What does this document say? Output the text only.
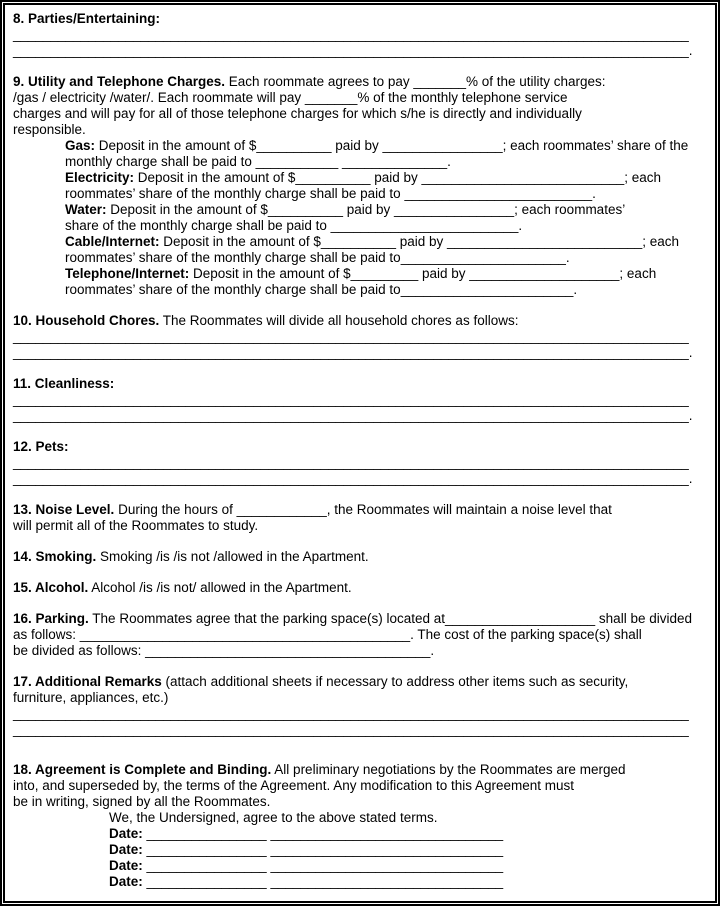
8. Parties/Entertaining:
__________________________________________________________________________________________
__________________________________________________________________________________________.
9. Utility and Telephone Charges. Each roommate agrees to pay _______% of the utility charges:
/gas / electricity /water/. Each roommate will pay _______% of the monthly telephone service
charges and will pay for all of those telephone charges for which s/he is directly and individually
responsible.
Gas: Deposit in the amount of $__________ paid by ________________; each roommates’ share of the
monthly charge shall be paid to ___________ ______________.
Electricity: Deposit in the amount of $__________ paid by ___________________________; each
roommates’ share of the monthly charge shall be paid to _________________________.
Water: Deposit in the amount of $__________ paid by ________________; each roommates’
share of the monthly charge shall be paid to _________________________.
Cable/Internet: Deposit in the amount of $__________ paid by __________________________; each
roommates’ share of the monthly charge shall be paid to______________________.
Telephone/Internet: Deposit in the amount of $_________ paid by ____________________; each
roommates’ share of the monthly charge shall be paid to_______________________.
10. Household Chores. The Roommates will divide all household chores as follows:
__________________________________________________________________________________________
__________________________________________________________________________________________.
11. Cleanliness:
__________________________________________________________________________________________
__________________________________________________________________________________________.
12. Pets:
__________________________________________________________________________________________
__________________________________________________________________________________________.
13. Noise Level. During the hours of ____________, the Roommates will maintain a noise level that
will permit all of the Roommates to study.
14. Smoking. Smoking /is /is not /allowed in the Apartment.
15. Alcohol. Alcohol /is /is not/ allowed in the Apartment.
16. Parking. The Roommates agree that the parking space(s) located at____________________ shall be divided
as follows: ____________________________________________. The cost of the parking space(s) shall
be divided as follows: ______________________________________.
17. Additional Remarks (attach additional sheets if necessary to address other items such as security,
furniture, appliances, etc.)
__________________________________________________________________________________________
__________________________________________________________________________________________
18. Agreement is Complete and Binding. All preliminary negotiations by the Roommates are merged
into, and superseded by, the terms of the Agreement. Any modification to this Agreement must
be in writing, signed by all the Roommates.
We, the Undersigned, agree to the above stated terms.
Date: ________________ _______________________________
Date: ________________ _______________________________
Date: ________________ _______________________________
Date: ________________ _______________________________
